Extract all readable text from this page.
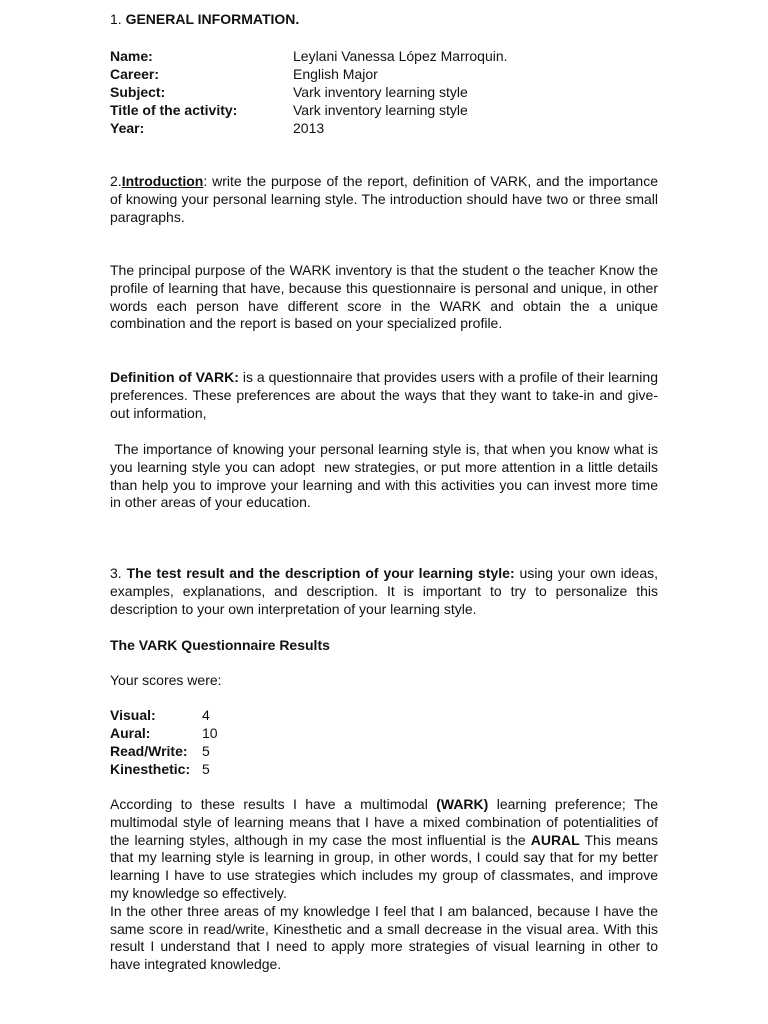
1. GENERAL INFORMATION.

Name:	Leylani Vanessa López Marroquin.
Career:	English Major
Subject:	Vark inventory learning style
Title of the activity:	Vark inventory learning style
Year:	2013

2.Introduction: write the purpose of the report, definition of VARK, and the importance of knowing your personal learning style. The introduction should have two or three small paragraphs.

The principal purpose of the WARK inventory is that the student o the teacher Know the profile of learning that have, because this questionnaire is personal and unique, in other words each person have different score in the WARK and obtain the a unique combination and the report is based on your specialized profile.

Definition of VARK: is a questionnaire that provides users with a profile of their learning preferences. These preferences are about the ways that they want to take-in and give-out information,

The importance of knowing your personal learning style is, that when you know what is you learning style you can adopt  new strategies, or put more attention in a little details than help you to improve your learning and with this activities you can invest more time in other areas of your education.

3. The test result and the description of your learning style: using your own ideas, examples, explanations, and description. It is important to try to personalize this description to your own interpretation of your learning style.

The VARK Questionnaire Results

Your scores were:

Visual:	4
Aural:	10
Read/Write: 5
Kinesthetic: 5

According to these results I have a multimodal (WARK) learning preference; The multimodal style of learning means that I have a mixed combination of potentialities of the learning styles, although in my case the most influential is the AURAL This means that my learning style is learning in group, in other words, I could say that for my better learning I have to use strategies which includes my group of classmates, and improve my knowledge so effectively.

In the other three areas of my knowledge I feel that I am balanced, because I have the same score in read/write, Kinesthetic and a small decrease in the visual area. With this result I understand that I need to apply more strategies of visual learning in other to have integrated knowledge.
